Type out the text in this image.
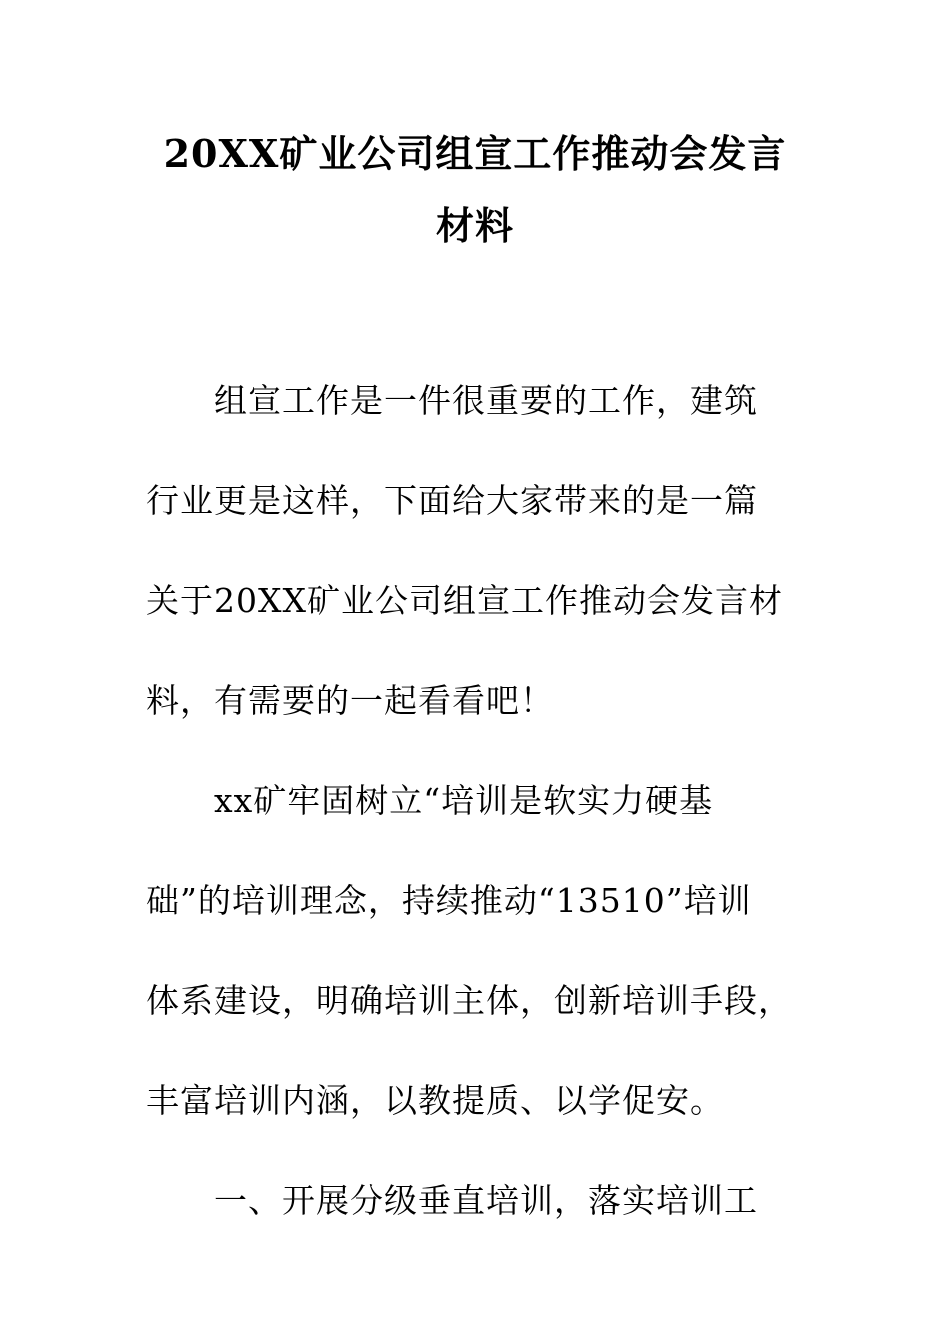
20XX矿业公司组宣工作推动会发言
材料
组宣工作是一件很重要的工作，建筑
行业更是这样，下面给大家带来的是一篇
关于20XX矿业公司组宣工作推动会发言材
料，有需要的一起看看吧！
xx矿牢固树立“培训是软实力硬基
础”的培训理念，持续推动“13510”培训
体系建设，明确培训主体，创新培训手段，
丰富培训内涵，以教提质、以学促安。
一、开展分级垂直培训，落实培训工
